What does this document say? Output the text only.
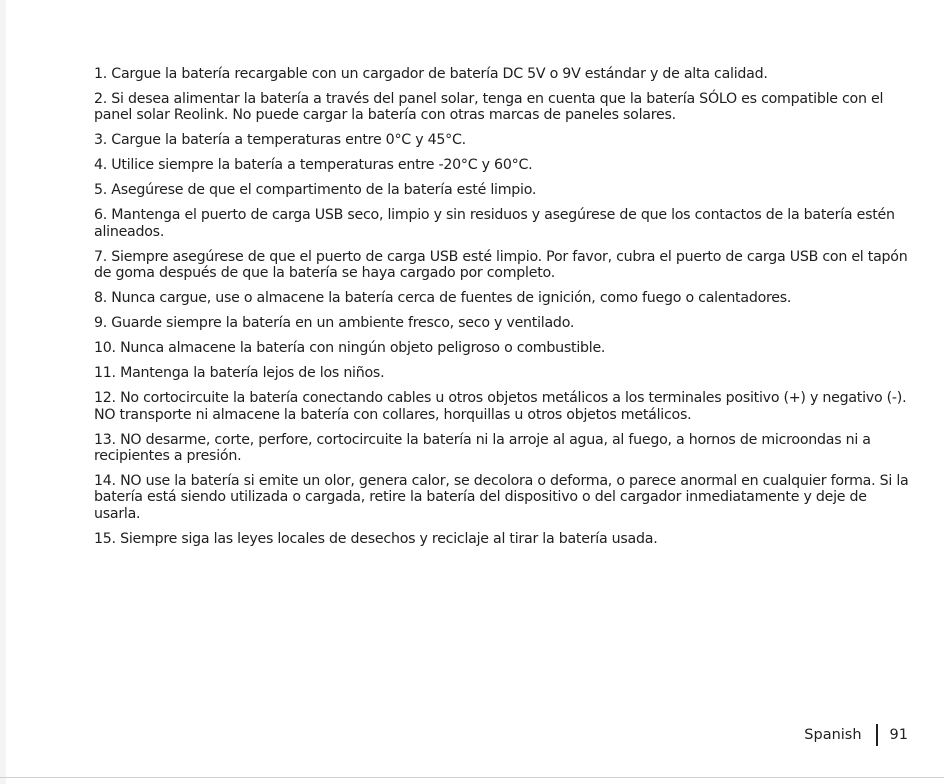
1. Cargue la batería recargable con un cargador de batería DC 5V o 9V estándar y de alta calidad.
2. Si desea alimentar la batería a través del panel solar, tenga en cuenta que la batería SÓLO es compatible con el panel solar Reolink. No puede cargar la batería con otras marcas de paneles solares.
3. Cargue la batería a temperaturas entre 0°C y 45°C.
4. Utilice siempre la batería a temperaturas entre -20°C y 60°C.
5. Asegúrese de que el compartimento de la batería esté limpio.
6. Mantenga el puerto de carga USB seco, limpio y sin residuos y asegúrese de que los contactos de la batería estén alineados.
7. Siempre asegúrese de que el puerto de carga USB esté limpio. Por favor, cubra el puerto de carga USB con el tapón de goma después de que la batería se haya cargado por completo.
8. Nunca cargue, use o almacene la batería cerca de fuentes de ignición, como fuego o calentadores.
9. Guarde siempre la batería en un ambiente fresco, seco y ventilado.
10. Nunca almacene la batería con ningún objeto peligroso o combustible.
11. Mantenga la batería lejos de los niños.
12. No cortocircuite la batería conectando cables u otros objetos metálicos a los terminales positivo (+) y negativo (-). NO transporte ni almacene la batería con collares, horquillas u otros objetos metálicos.
13. NO desarme, corte, perfore, cortocircuite la batería ni la arroje al agua, al fuego, a hornos de microondas ni a recipientes a presión.
14. NO use la batería si emite un olor, genera calor, se decolora o deforma, o parece anormal en cualquier forma. Si la batería está siendo utilizada o cargada, retire la batería del dispositivo o del cargador inmediatamente y deje de usarla.
15. Siempre siga las leyes locales de desechos y reciclaje al tirar la batería usada.
Spanish 91
